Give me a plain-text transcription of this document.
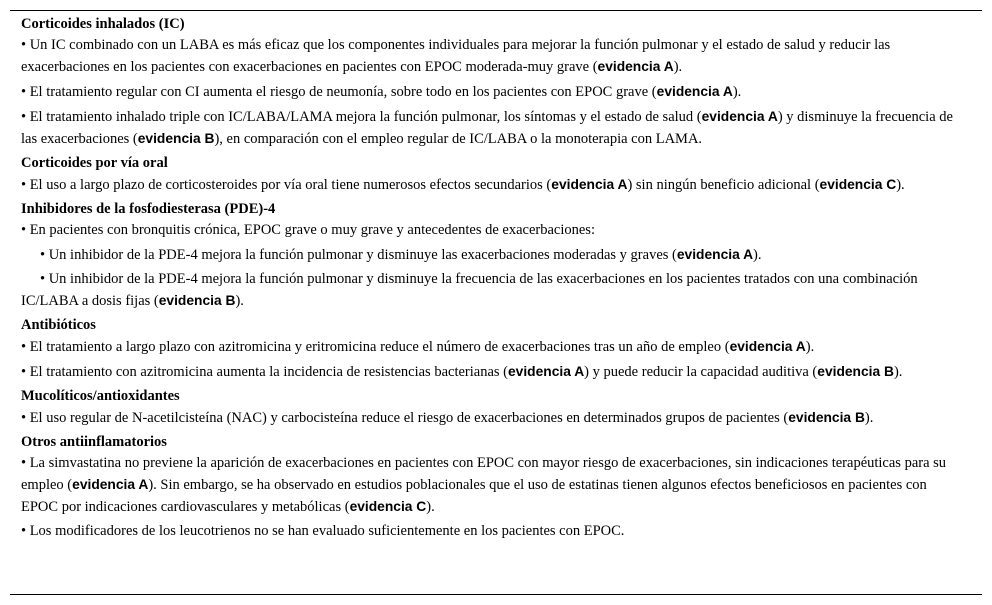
Corticoides inhalados (IC)
• Un IC combinado con un LABA es más eficaz que los componentes individuales para mejorar la función pulmonar y el estado de salud y reducir las exacerbaciones en los pacientes con exacerbaciones en pacientes con EPOC moderada-muy grave (evidencia A).
• El tratamiento regular con CI aumenta el riesgo de neumonía, sobre todo en los pacientes con EPOC grave (evidencia A).
• El tratamiento inhalado triple con IC/LABA/LAMA mejora la función pulmonar, los síntomas y el estado de salud (evidencia A) y disminuye la frecuencia de las exacerbaciones (evidencia B), en comparación con el empleo regular de IC/LABA o la monoterapia con LAMA.
Corticoides por vía oral
• El uso a largo plazo de corticosteroides por vía oral tiene numerosos efectos secundarios (evidencia A) sin ningún beneficio adicional (evidencia C).
Inhibidores de la fosfodiesterasa (PDE)-4
• En pacientes con bronquitis crónica, EPOC grave o muy grave y antecedentes de exacerbaciones:
• Un inhibidor de la PDE-4 mejora la función pulmonar y disminuye las exacerbaciones moderadas y graves (evidencia A).
• Un inhibidor de la PDE-4 mejora la función pulmonar y disminuye la frecuencia de las exacerbaciones en los pacientes tratados con una combinación IC/LABA a dosis fijas (evidencia B).
Antibióticos
• El tratamiento a largo plazo con azitromicina y eritromicina reduce el número de exacerbaciones tras un año de empleo (evidencia A).
• El tratamiento con azitromicina aumenta la incidencia de resistencias bacterianas (evidencia A) y puede reducir la capacidad auditiva (evidencia B).
Mucolíticos/antioxidantes
• El uso regular de N-acetilcisteína (NAC) y carbocisteína reduce el riesgo de exacerbaciones en determinados grupos de pacientes (evidencia B).
Otros antiinflamatorios
• La simvastatina no previene la aparición de exacerbaciones en pacientes con EPOC con mayor riesgo de exacerbaciones, sin indicaciones terapéuticas para su empleo (evidencia A). Sin embargo, se ha observado en estudios poblacionales que el uso de estatinas tienen algunos efectos beneficiosos en pacientes con EPOC por indicaciones cardiovasculares y metabólicas (evidencia C).
• Los modificadores de los leucotrienos no se han evaluado suficientemente en los pacientes con EPOC.
